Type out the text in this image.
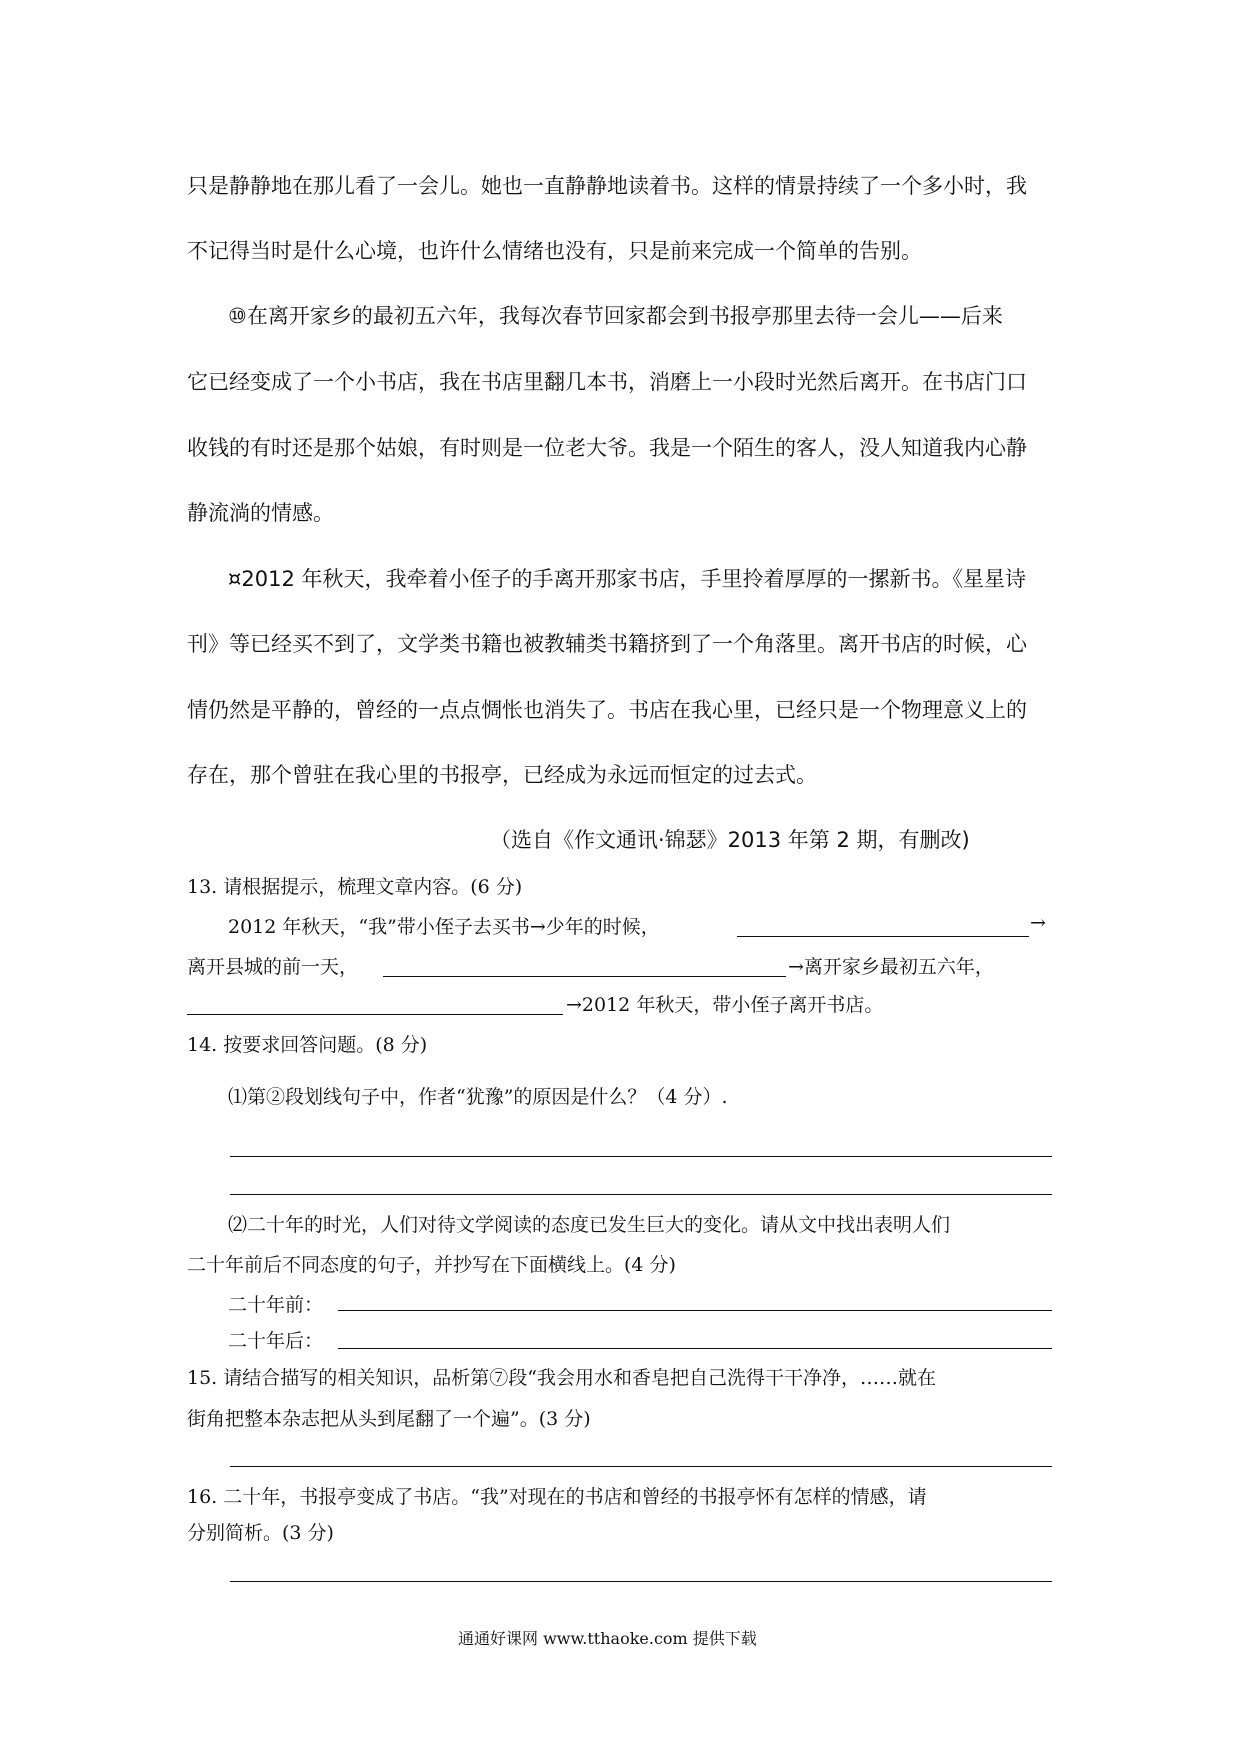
只是静静地在那儿看了一会儿。她也一直静静地读着书。这样的情景持续了一个多小时，我
不记得当时是什么心境，也许什么情绪也没有，只是前来完成一个简单的告别。
⑩在离开家乡的最初五六年，我每次春节回家都会到书报亭那里去待一会儿——后来
它已经变成了一个小书店，我在书店里翻几本书，消磨上一小段时光然后离开。在书店门口
收钱的有时还是那个姑娘，有时则是一位老大爷。我是一个陌生的客人，没人知道我内心静
静流淌的情感。
¤2012 年秋天，我牵着小侄子的手离开那家书店，手里拎着厚厚的一摞新书。《星星诗
刊》等已经买不到了，文学类书籍也被教辅类书籍挤到了一个角落里。离开书店的时候，心
情仍然是平静的，曾经的一点点惆怅也消失了。书店在我心里，已经只是一个物理意义上的
存在，那个曾驻在我心里的书报亭，已经成为永远而恒定的过去式。
（选自《作文通讯·锦瑟》2013 年第 2 期，有删改)
13. 请根据提示，梳理文章内容。(6 分)
2012 年秋天，“我”带小侄子去买书→少年的时候，	→
离开县城的前一天，	→离开家乡最初五六年，
→2012 年秋天，带小侄子离开书店。
14. 按要求回答问题。(8 分)
⑴第②段划线句子中，作者“犹豫”的原因是什么？（4 分）.
⑵二十年的时光，人们对待文学阅读的态度已发生巨大的变化。请从文中找出表明人们
二十年前后不同态度的句子，并抄写在下面横线上。(4 分)
二十年前：
二十年后：
15. 请结合描写的相关知识，品析第⑦段“我会用水和香皂把自己洗得干干净净，……就在
街角把整本杂志把从头到尾翻了一个遍”。(3 分)
16. 二十年，书报亭变成了书店。“我”对现在的书店和曾经的书报亭怀有怎样的情感，请
分别简析。(3 分)
通通好课网 www.tthaoke.com 提供下载
